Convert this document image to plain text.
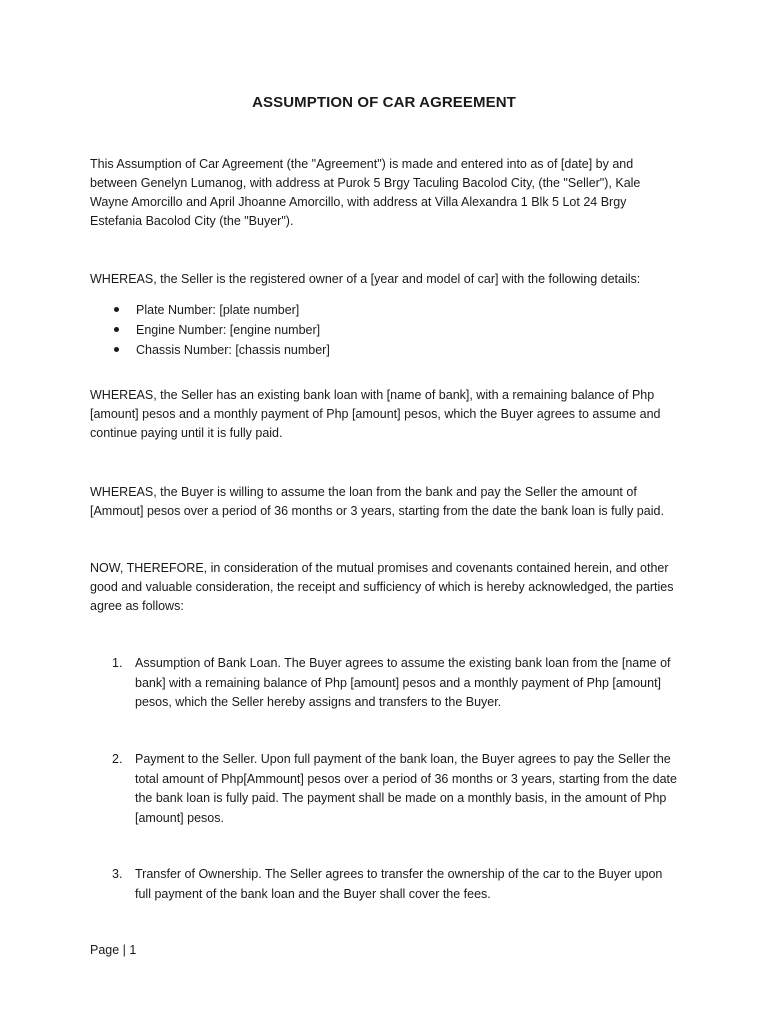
ASSUMPTION OF CAR AGREEMENT

This Assumption of Car Agreement (the "Agreement") is made and entered into as of [date] by and between Genelyn Lumanog, with address at Purok 5 Brgy Taculing Bacolod City, (the "Seller"), Kale Wayne Amorcillo and April Jhoanne Amorcillo, with address at Villa Alexandra 1 Blk 5 Lot 24 Brgy Estefania Bacolod City (the "Buyer").

WHEREAS, the Seller is the registered owner of a [year and model of car] with the following details:

Plate Number: [plate number]
Engine Number: [engine number]
Chassis Number: [chassis number]

WHEREAS, the Seller has an existing bank loan with [name of bank], with a remaining balance of Php [amount] pesos and a monthly payment of Php [amount] pesos, which the Buyer agrees to assume and continue paying until it is fully paid.

WHEREAS, the Buyer is willing to assume the loan from the bank and pay the Seller the amount of [Ammout] pesos over a period of 36 months or 3 years, starting from the date the bank loan is fully paid.

NOW, THEREFORE, in consideration of the mutual promises and covenants contained herein, and other good and valuable consideration, the receipt and sufficiency of which is hereby acknowledged, the parties agree as follows:

1. Assumption of Bank Loan. The Buyer agrees to assume the existing bank loan from the [name of bank] with a remaining balance of Php [amount] pesos and a monthly payment of Php [amount] pesos, which the Seller hereby assigns and transfers to the Buyer.
2. Payment to the Seller. Upon full payment of the bank loan, the Buyer agrees to pay the Seller the total amount of Php[Ammount] pesos over a period of 36 months or 3 years, starting from the date the bank loan is fully paid. The payment shall be made on a monthly basis, in the amount of Php [amount] pesos.
3. Transfer of Ownership. The Seller agrees to transfer the ownership of the car to the Buyer upon full payment of the bank loan and the Buyer shall cover the fees.
Page | 1
